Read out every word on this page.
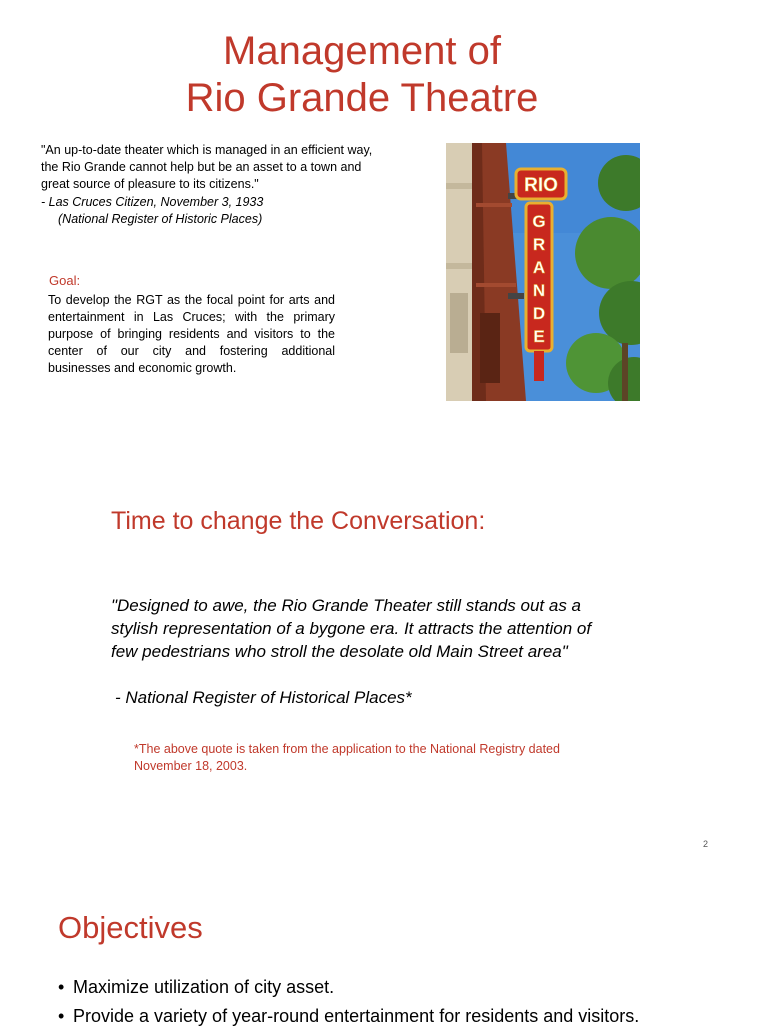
Management of
Rio Grande Theatre
"An up-to-date theater which is managed in an efficient way, the Rio Grande cannot help but be an asset to a town and great source of pleasure to its citizens."
- Las Cruces Citizen, November 3, 1933
(National Register of Historic Places)
Goal:
To develop the RGT as the focal point for arts and entertainment in Las Cruces; with the primary purpose of bringing residents and visitors to the center of our city and fostering additional businesses and economic growth.
RIO
G
R
A
N
D
E
Time to change the Conversation:
"Designed to awe, the Rio Grande Theater still stands out as a stylish representation of a bygone era. It attracts the attention of few pedestrians who stroll the desolate old Main Street area"
- National Register of Historical Places*
*The above quote is taken from the application to the National Registry dated November 18, 2003.
2
Objectives
• Maximize utilization of city asset.
• Provide a variety of year-round entertainment for residents and visitors.
